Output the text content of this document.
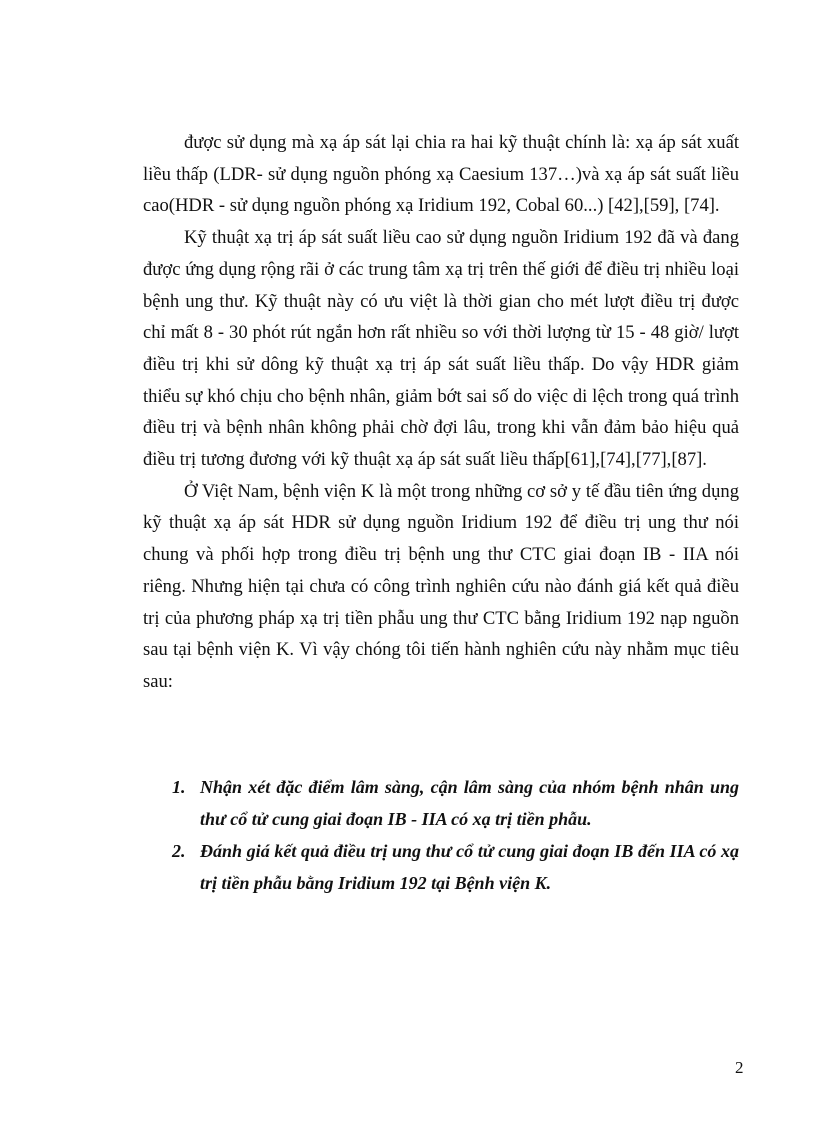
được sử dụng mà xạ áp sát lại chia ra hai kỹ thuật chính là: xạ áp sát xuất liều thấp (LDR- sử dụng nguồn phóng xạ Caesium 137…)và xạ áp sát suất liều cao(HDR - sử dụng nguồn phóng xạ Iridium 192, Cobal 60...) [42],[59], [74].

Kỹ thuật xạ trị áp sát suất liều cao sử dụng nguồn Iridium 192 đã và đang được ứng dụng rộng rãi ở các trung tâm xạ trị trên thế giới để điều trị nhiều loại bệnh ung thư. Kỹ thuật này có ưu việt là thời gian cho mét lượt điều trị được chỉ mất 8 - 30 phót rút ngắn hơn rất nhiều so với thời lượng từ 15 - 48 giờ/ lượt điều trị khi sử dông kỹ thuật xạ trị áp sát suất liều thấp. Do vậy HDR giảm thiểu sự khó chịu cho bệnh nhân, giảm bớt sai số do việc di lệch trong quá trình điều trị và bệnh nhân không phải chờ đợi lâu, trong khi vẫn đảm bảo hiệu quả điều trị tương đương với kỹ thuật xạ áp sát suất liều thấp[61],[74],[77],[87].

Ở Việt Nam, bệnh viện K là một trong những cơ sở y tế đầu tiên ứng dụng kỹ thuật xạ áp sát HDR sử dụng nguồn Iridium 192 để điều trị ung thư nói chung và phối hợp trong điều trị bệnh ung thư CTC giai đoạn IB - IIA nói riêng. Nhưng hiện tại chưa có công trình nghiên cứu nào đánh giá kết quả điều trị của phương pháp xạ trị tiền phẫu ung thư CTC bằng Iridium 192 nạp nguồn sau tại bệnh viện K. Vì vậy chóng tôi tiến hành nghiên cứu này nhằm mục tiêu sau:

1. Nhận xét đặc điểm lâm sàng, cận lâm sàng của nhóm bệnh nhân ung thư cổ tử cung giai đoạn IB - IIA có xạ trị tiền phẫu.
2. Đánh giá kết quả điều trị ung thư cổ tử cung giai đoạn IB đến IIA có xạ trị tiền phẫu bằng Iridium 192 tại Bệnh viện K.
2
